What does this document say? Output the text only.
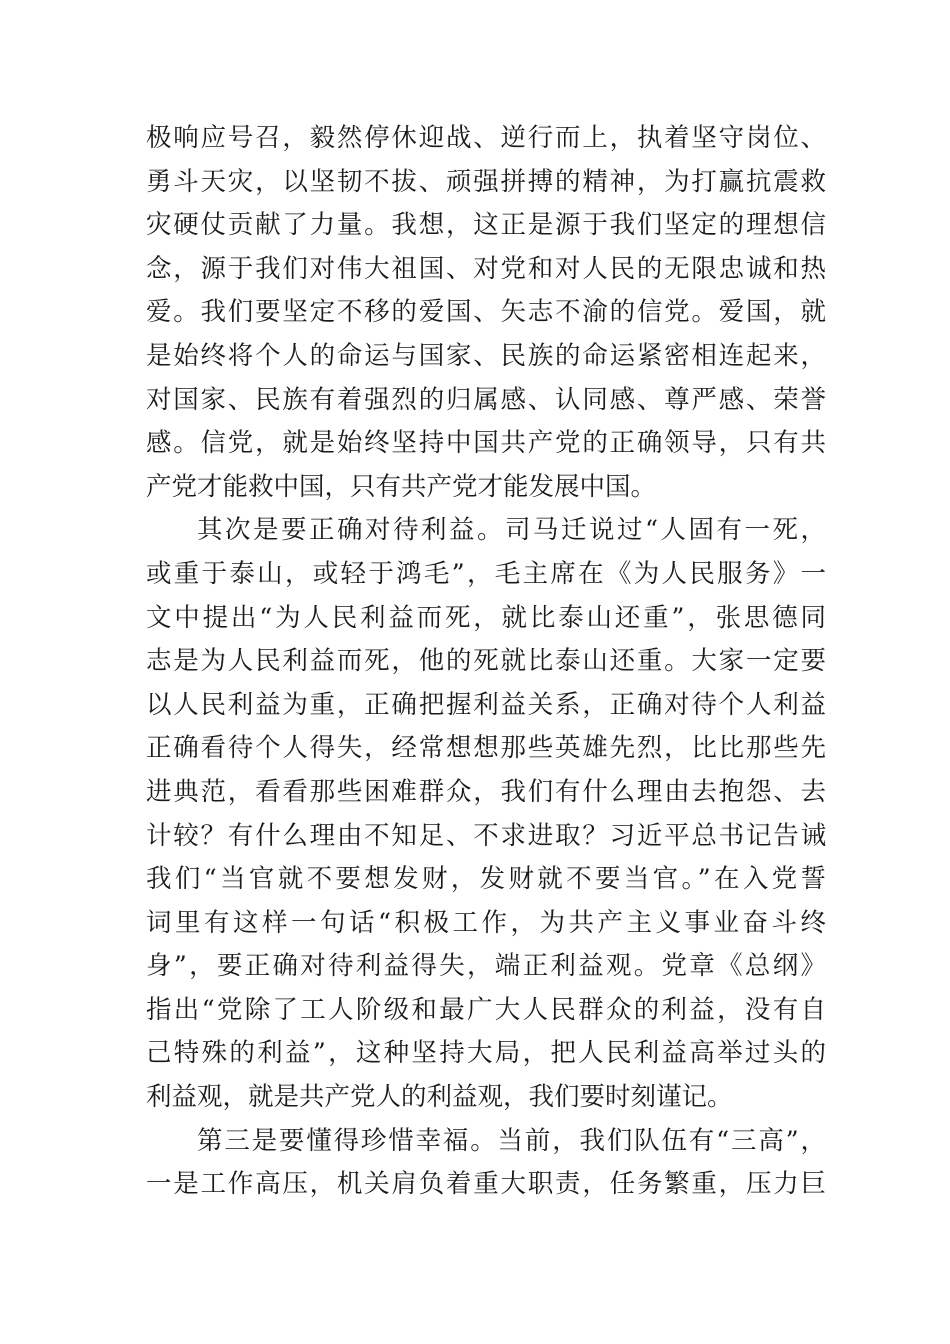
极响应号召，毅然停休迎战、逆行而上，执着坚守岗位、
勇斗天灾，以坚韧不拔、顽强拼搏的精神，为打赢抗震救
灾硬仗贡献了力量。我想，这正是源于我们坚定的理想信
念，源于我们对伟大祖国、对党和对人民的无限忠诚和热
爱。我们要坚定不移的爱国、矢志不渝的信党。爱国，就
是始终将个人的命运与国家、民族的命运紧密相连起来，
对国家、民族有着强烈的归属感、认同感、尊严感、荣誉
感。信党，就是始终坚持中国共产党的正确领导，只有共
产党才能救中国，只有共产党才能发展中国。
其次是要正确对待利益。司马迁说过“人固有一死，
或重于泰山，或轻于鸿毛”，毛主席在《为人民服务》一
文中提出“为人民利益而死，就比泰山还重”，张思德同
志是为人民利益而死，他的死就比泰山还重。大家一定要
以人民利益为重，正确把握利益关系，正确对待个人利益
正确看待个人得失，经常想想那些英雄先烈，比比那些先
进典范，看看那些困难群众，我们有什么理由去抱怨、去
计较？有什么理由不知足、不求进取？习近平总书记告诫
我们“当官就不要想发财，发财就不要当官。”在入党誓
词里有这样一句话“积极工作，为共产主义事业奋斗终
身”，要正确对待利益得失，端正利益观。党章《总纲》
指出“党除了工人阶级和最广大人民群众的利益，没有自
己特殊的利益”，这种坚持大局，把人民利益高举过头的
利益观，就是共产党人的利益观，我们要时刻谨记。
第三是要懂得珍惜幸福。当前，我们队伍有“三高”，
一是工作高压，机关肩负着重大职责，任务繁重，压力巨
